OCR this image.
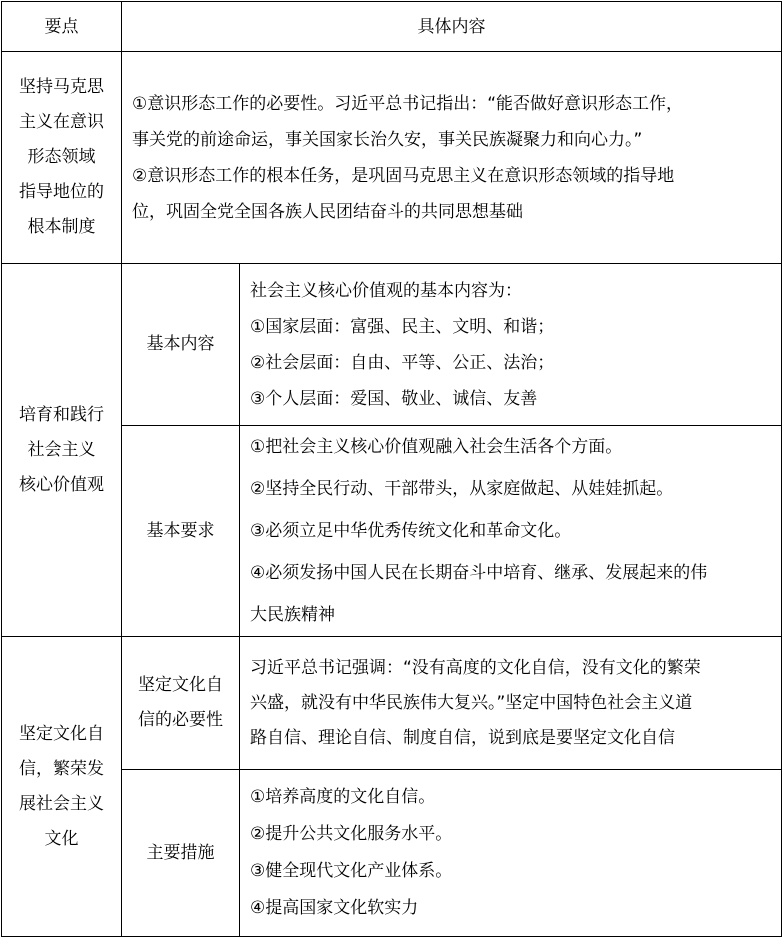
要点	具体内容	

坚持马克思
主义在意识
形态领域
指导地位的
根本制度	①意识形态工作的必要性。习近平总书记指出：“能否做好意识形态工作，
事关党的前途命运，事关国家长治久安，事关民族凝聚力和向心力。”
②意识形态工作的根本任务，是巩固马克思主义在意识形态领域的指导地
位，巩固全党全国各族人民团结奋斗的共同思想基础	

培育和践行
社会主义
核心价值观	基本内容	社会主义核心价值观的基本内容为：
①国家层面：富强、民主、文明、和谐；
②社会层面：自由、平等、公正、法治；
③个人层面：爱国、敬业、诚信、友善

	基本要求	①把社会主义核心价值观融入社会生活各个方面。
②坚持全民行动、干部带头，从家庭做起、从娃娃抓起。
③必须立足中华优秀传统文化和革命文化。
④必须发扬中国人民在长期奋斗中培育、继承、发展起来的伟
大民族精神

坚定文化自
信，繁荣发
展社会主义
文化	坚定文化自
信的必要性	习近平总书记强调：“没有高度的文化自信，没有文化的繁荣
兴盛，就没有中华民族伟大复兴。”坚定中国特色社会主义道
路自信、理论自信、制度自信，说到底是要坚定文化自信

	主要措施	①培养高度的文化自信。
②提升公共文化服务水平。
③健全现代文化产业体系。
④提高国家文化软实力
